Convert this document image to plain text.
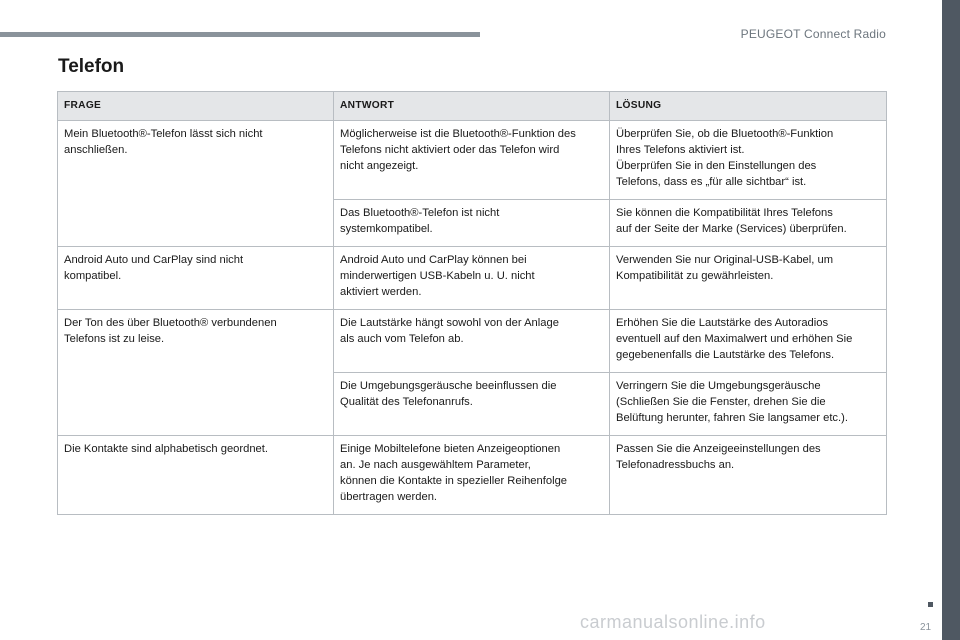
PEUGEOT Connect Radio
Telefon
FRAGE	ANTWORT	LÖSUNG

Mein Bluetooth®-Telefon lässt sich nicht
anschließen.	Möglicherweise ist die Bluetooth®-Funktion des
Telefons nicht aktiviert oder das Telefon wird
nicht angezeigt.	Überprüfen Sie, ob die Bluetooth®-Funktion
Ihres Telefons aktiviert ist.
Überprüfen Sie in den Einstellungen des
Telefons, dass es „für alle sichtbar“ ist.

	Das Bluetooth®-Telefon ist nicht
systemkompatibel.	Sie können die Kompatibilität Ihres Telefons
auf der Seite der Marke (Services) überprüfen.

Android Auto und CarPlay sind nicht
kompatibel.	Android Auto und CarPlay können bei
minderwertigen USB-Kabeln u. U. nicht
aktiviert werden.	Verwenden Sie nur Original-USB-Kabel, um
Kompatibilität zu gewährleisten.

Der Ton des über Bluetooth® verbundenen
Telefons ist zu leise.	Die Lautstärke hängt sowohl von der Anlage
als auch vom Telefon ab.	Erhöhen Sie die Lautstärke des Autoradios
eventuell auf den Maximalwert und erhöhen Sie
gegebenenfalls die Lautstärke des Telefons.

	Die Umgebungsgeräusche beeinflussen die
Qualität des Telefonanrufs.	Verringern Sie die Umgebungsgeräusche
(Schließen Sie die Fenster, drehen Sie die
Belüftung herunter, fahren Sie langsamer etc.).

Die Kontakte sind alphabetisch geordnet.	Einige Mobiltelefone bieten Anzeigeoptionen
an. Je nach ausgewähltem Parameter,
können die Kontakte in spezieller Reihenfolge
übertragen werden.	Passen Sie die Anzeigeeinstellungen des
Telefonadressbuchs an.
21
carmanualsonline.info
